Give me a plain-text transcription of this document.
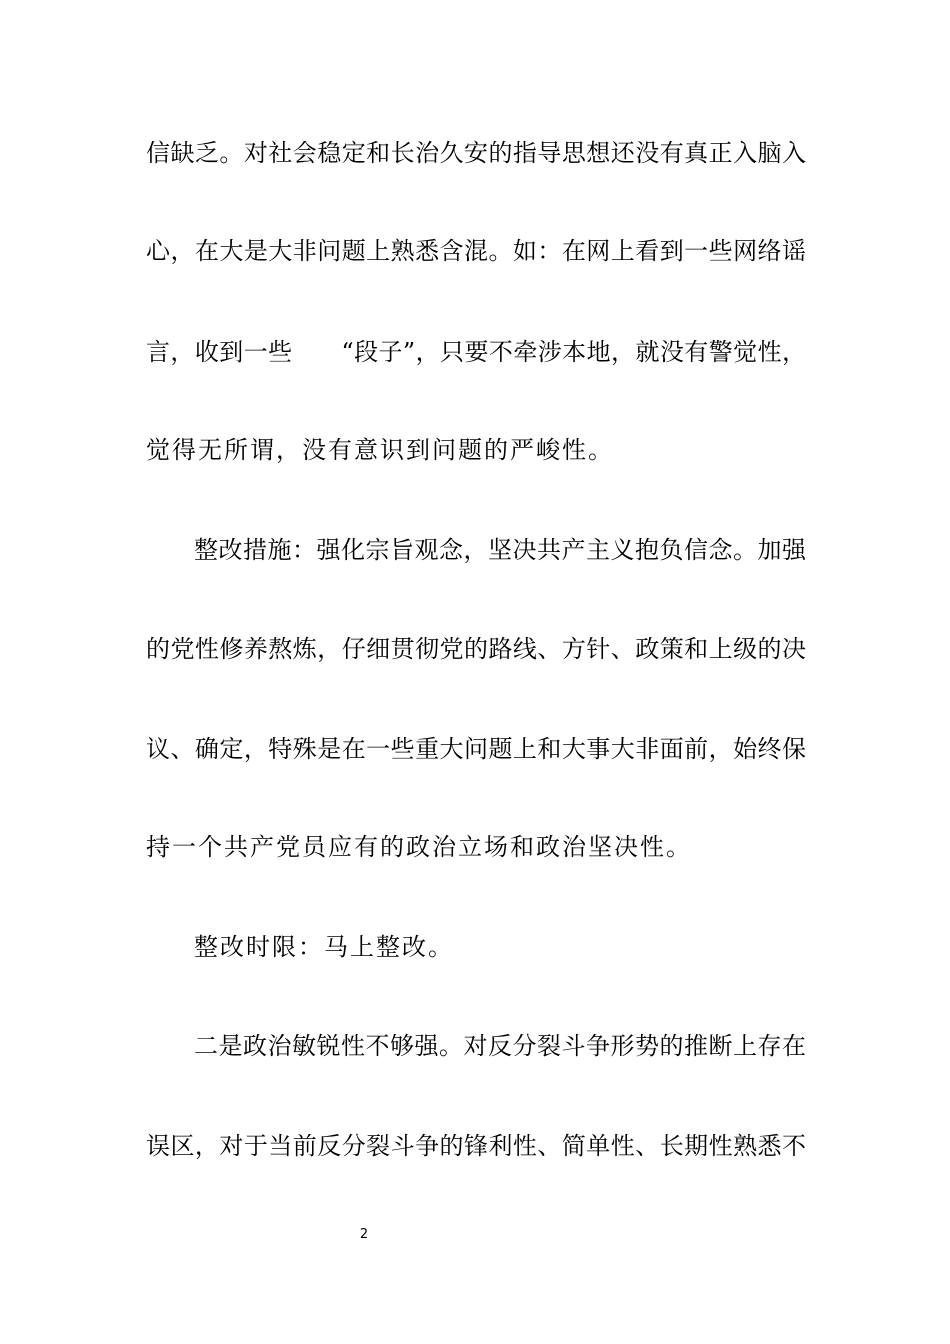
信缺乏。对社会稳定和长治久安的指导思想还没有真正入脑入
心，在大是大非问题上熟悉含混。如：在网上看到一些网络谣
言，收到一些　　“段子”，只要不牵涉本地，就没有警觉性，
觉得无所谓，没有意识到问题的严峻性。
整改措施：强化宗旨观念，坚决共产主义抱负信念。加强
的党性修养熬炼，仔细贯彻党的路线、方针、政策和上级的决
议、确定，特殊是在一些重大问题上和大事大非面前，始终保
持一个共产党员应有的政治立场和政治坚决性。
整改时限：马上整改。
二是政治敏锐性不够强。对反分裂斗争形势的推断上存在
误区，对于当前反分裂斗争的锋利性、简单性、长期性熟悉不
2
